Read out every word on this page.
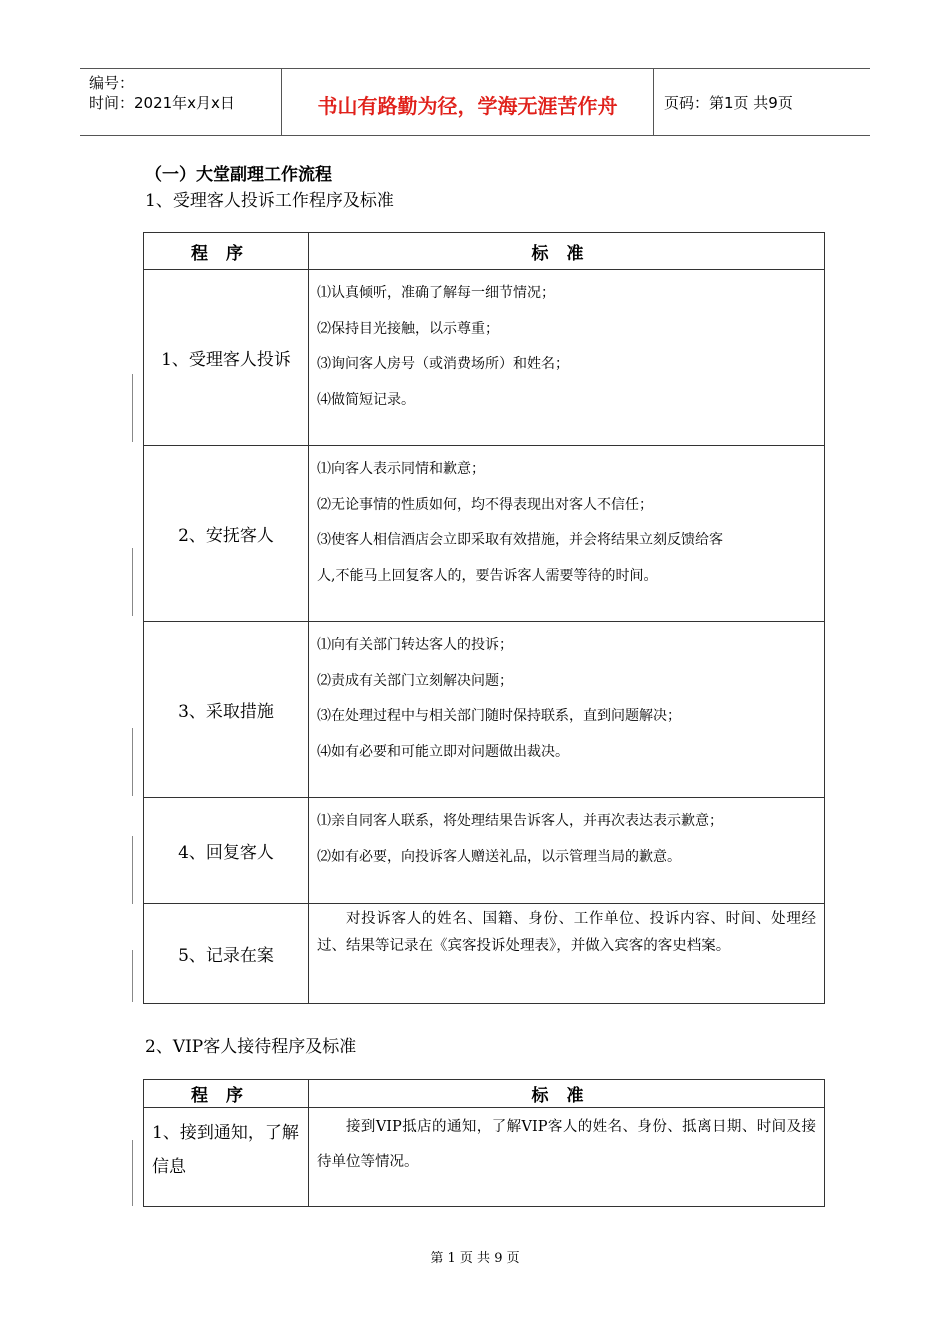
编号：
时间：2021年x月x日	书山有路勤为径，学海无涯苦作舟	页码：第1页 共9页
（一）大堂副理工作流程
1、受理客人投诉工作程序及标准
程序	标准
1、受理客人投诉	⑴认真倾听，准确了解每一细节情况；
⑵保持目光接触，以示尊重；
⑶询问客人房号（或消费场所）和姓名；
⑷做简短记录。

2、安抚客人	⑴向客人表示同情和歉意；
⑵无论事情的性质如何，均不得表现出对客人不信任；
⑶使客人相信酒店会立即采取有效措施，并会将结果立刻反馈给客
人,不能马上回复客人的，要告诉客人需要等待的时间。

3、采取措施	⑴向有关部门转达客人的投诉；
⑵责成有关部门立刻解决问题；
⑶在处理过程中与相关部门随时保持联系，直到问题解决；
⑷如有必要和可能立即对问题做出裁决。

4、回复客人	⑴亲自同客人联系，将处理结果告诉客人，并再次表达表示歉意；
⑵如有必要，向投诉客人赠送礼品，以示管理当局的歉意。

5、记录在案	对投诉客人的姓名、国籍、身份、工作单位、投诉内容、时间、处理经过、结果等记录在《宾客投诉处理表》，并做入宾客的客史档案。

2、VIP客人接待程序及标准
程序	标准
1、接到通知，了解信息	接到VIP抵店的通知，了解VIP客人的姓名、身份、抵离日期、时间及接待单位等情况。

第 1 页 共 9 页
